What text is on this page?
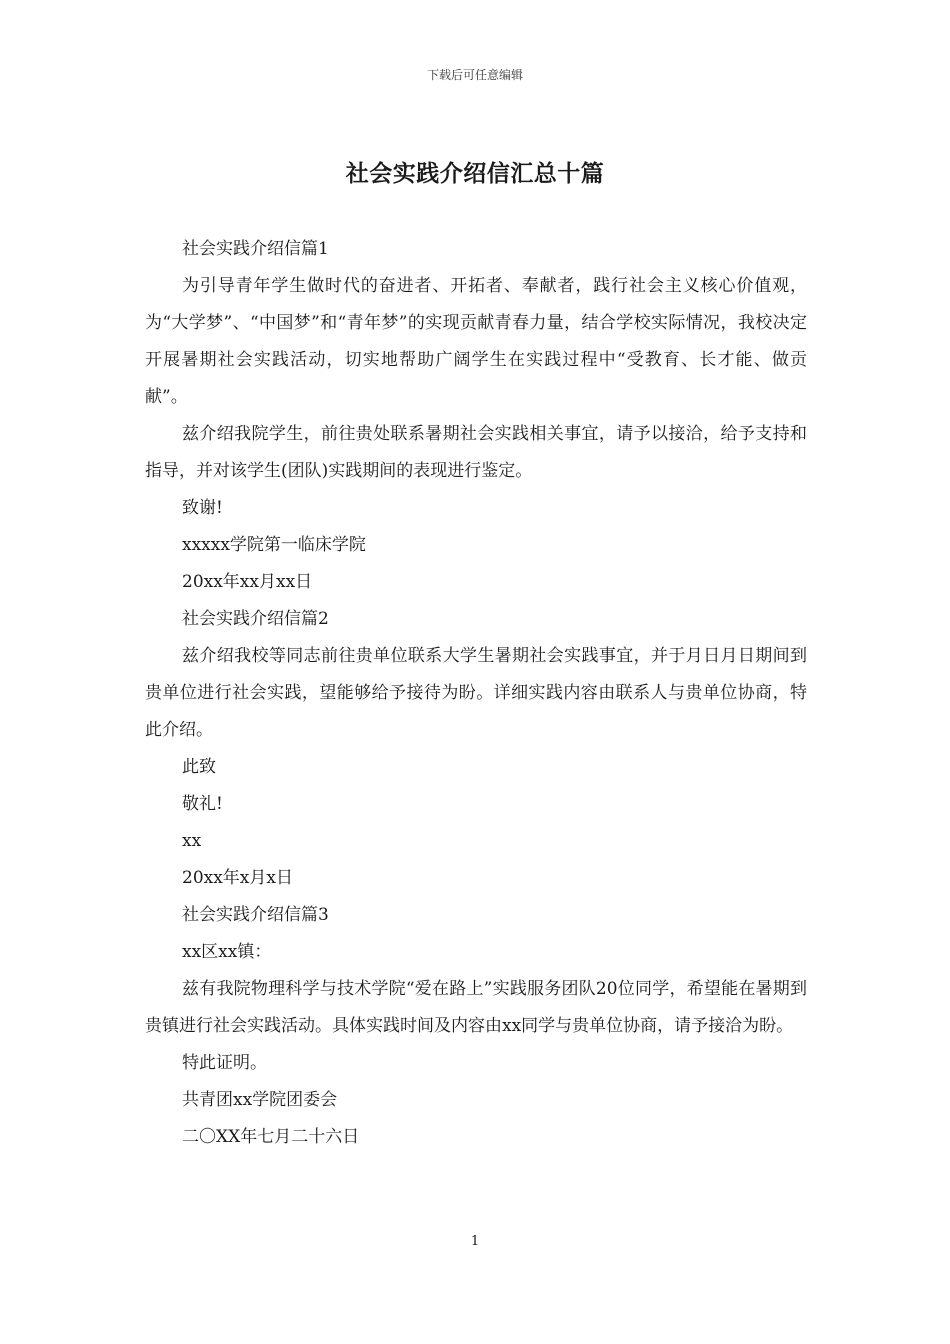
下载后可任意编辑
社会实践介绍信汇总十篇

社会实践介绍信篇1

为引导青年学生做时代的奋进者、开拓者、奉献者，践行社会主义核心价值观，为“大学梦”、“中国梦”和“青年梦”的实现贡献青春力量，结合学校实际情况，我校决定开展暑期社会实践活动，切实地帮助广阔学生在实践过程中“受教育、长才能、做贡献”。

兹介绍我院学生，前往贵处联系暑期社会实践相关事宜，请予以接洽，给予支持和指导，并对该学生(团队)实践期间的表现进行鉴定。

致谢!

xxxxx学院第一临床学院

20xx年xx月xx日

社会实践介绍信篇2

兹介绍我校等同志前往贵单位联系大学生暑期社会实践事宜，并于月日月日期间到贵单位进行社会实践，望能够给予接待为盼。详细实践内容由联系人与贵单位协商，特此介绍。

此致

敬礼!

xx

20xx年x月x日

社会实践介绍信篇3

xx区xx镇：

兹有我院物理科学与技术学院“爱在路上”实践服务团队20位同学，希望能在暑期到贵镇进行社会实践活动。具体实践时间及内容由xx同学与贵单位协商，请予接洽为盼。

特此证明。

共青团xx学院团委会

二〇XX年七月二十六日

1
